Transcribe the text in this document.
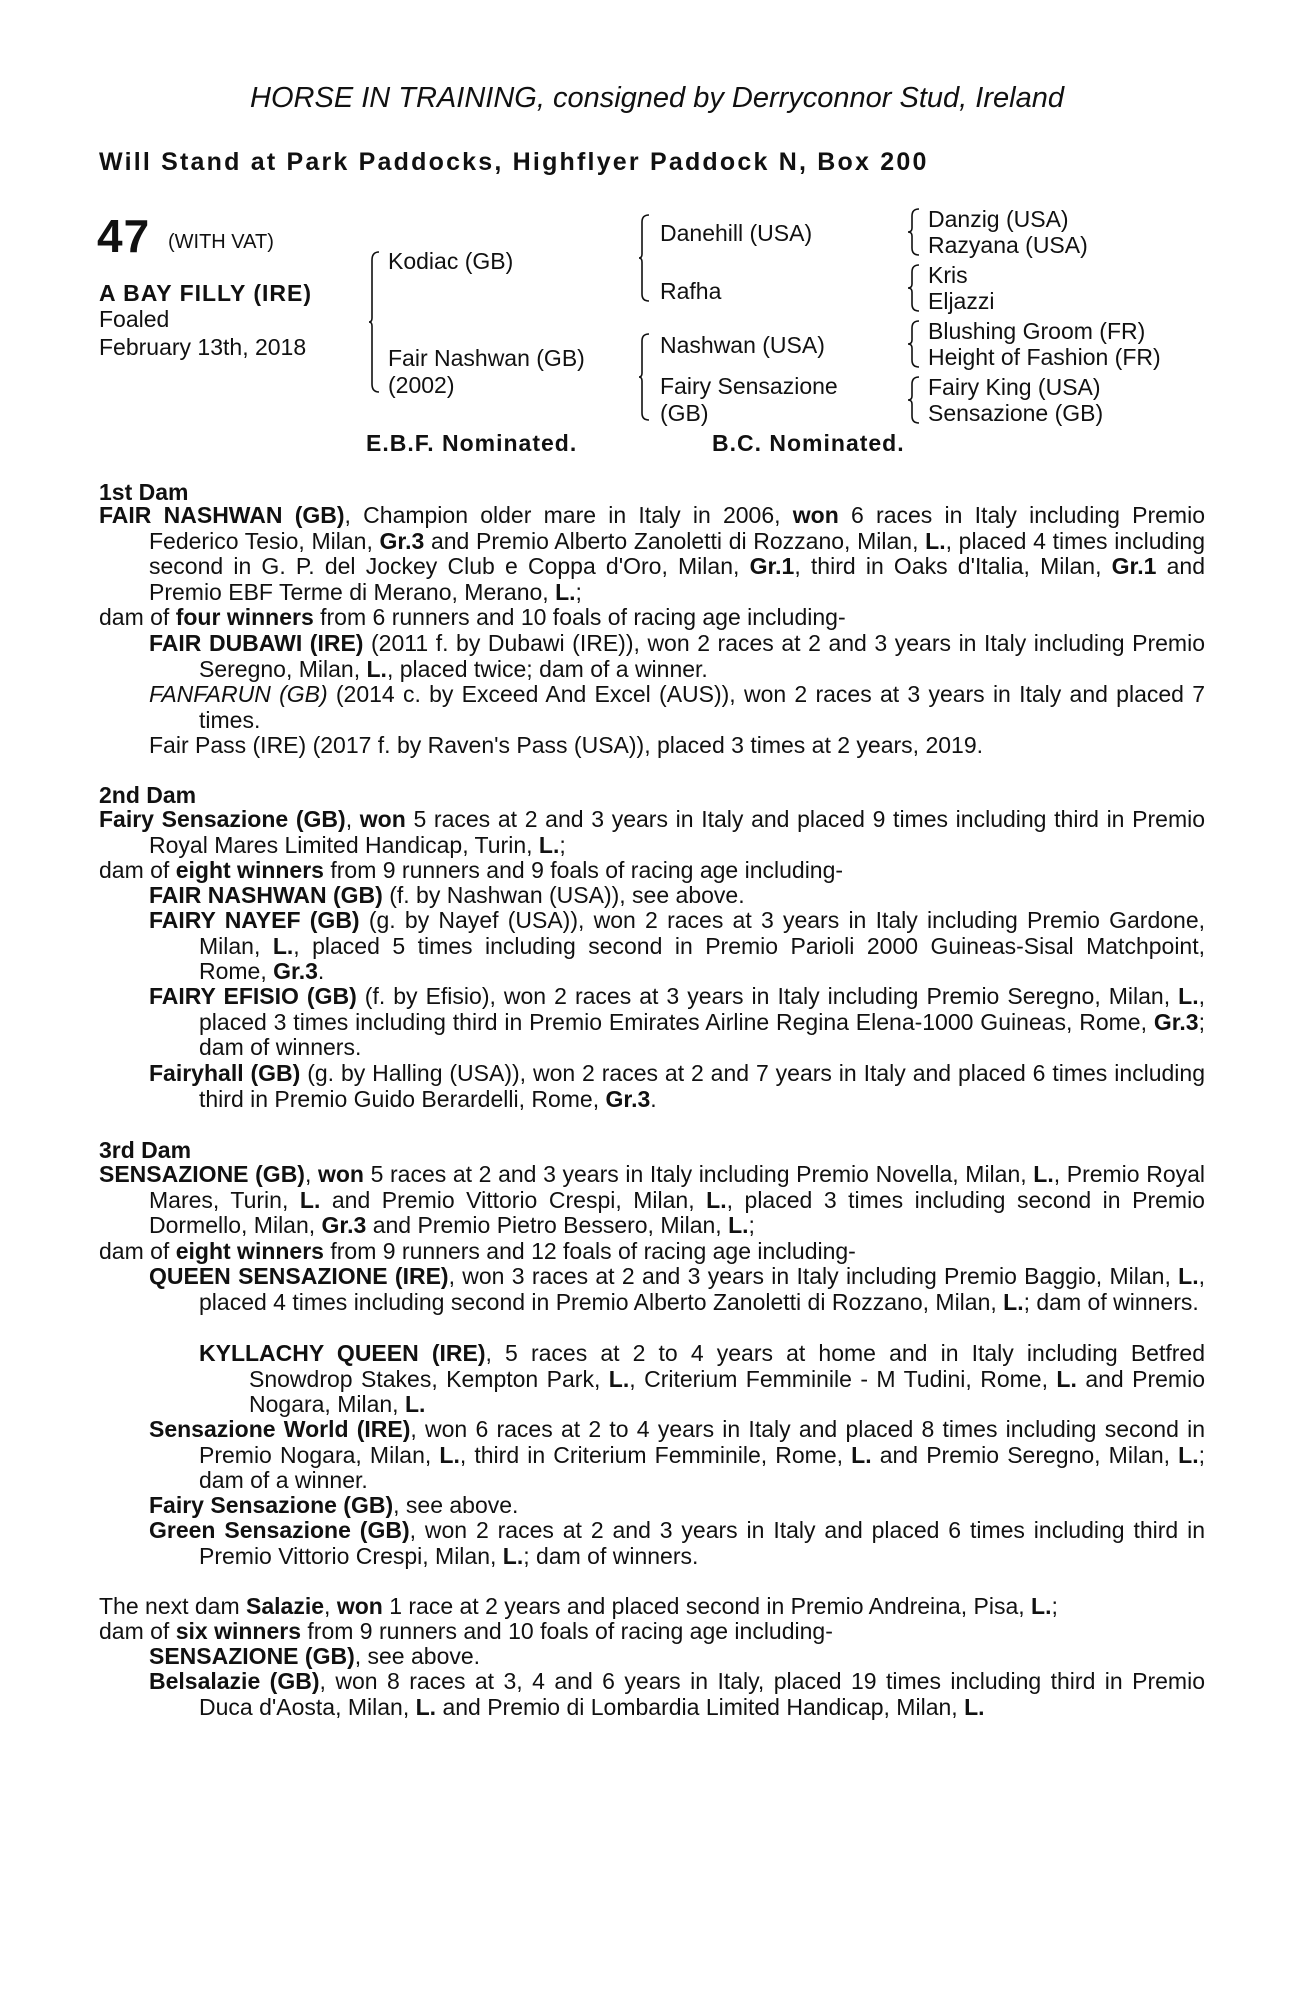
HORSE IN TRAINING, consigned by Derryconnor Stud, Ireland
Will Stand at Park Paddocks, Highflyer Paddock N, Box 200
47 (WITH VAT)
A BAY FILLY (IRE)
Foaled
February 13th, 2018
Kodiac (GB)
Fair Nashwan (GB)
(2002)
Danehill (USA)
Rafha
Nashwan (USA)
Fairy Sensazione
(GB)
Danzig (USA)
Razyana (USA)
Kris
Eljazzi
Blushing Groom (FR)
Height of Fashion (FR)
Fairy King (USA)
Sensazione (GB)
E.B.F. Nominated.	B.C. Nominated.
1st Dam
FAIR NASHWAN (GB), Champion older mare in Italy in 2006, won 6 races in Italy including Premio Federico Tesio, Milan, Gr.3 and Premio Alberto Zanoletti di Rozzano, Milan, L., placed 4 times including second in G. P. del Jockey Club e Coppa d'Oro, Milan, Gr.1, third in Oaks d'Italia, Milan, Gr.1 and Premio EBF Terme di Merano, Merano, L.;
dam of four winners from 6 runners and 10 foals of racing age including-
FAIR DUBAWI (IRE) (2011 f. by Dubawi (IRE)), won 2 races at 2 and 3 years in Italy including Premio Seregno, Milan, L., placed twice; dam of a winner.
FANFARUN (GB) (2014 c. by Exceed And Excel (AUS)), won 2 races at 3 years in Italy and placed 7 times.
Fair Pass (IRE) (2017 f. by Raven's Pass (USA)), placed 3 times at 2 years, 2019.
2nd Dam
Fairy Sensazione (GB), won 5 races at 2 and 3 years in Italy and placed 9 times including third in Premio Royal Mares Limited Handicap, Turin, L.;
dam of eight winners from 9 runners and 9 foals of racing age including-
FAIR NASHWAN (GB) (f. by Nashwan (USA)), see above.
FAIRY NAYEF (GB) (g. by Nayef (USA)), won 2 races at 3 years in Italy including Premio Gardone, Milan, L., placed 5 times including second in Premio Parioli 2000 Guineas-Sisal Matchpoint, Rome, Gr.3.
FAIRY EFISIO (GB) (f. by Efisio), won 2 races at 3 years in Italy including Premio Seregno, Milan, L., placed 3 times including third in Premio Emirates Airline Regina Elena-1000 Guineas, Rome, Gr.3; dam of winners.
Fairyhall (GB) (g. by Halling (USA)), won 2 races at 2 and 7 years in Italy and placed 6 times including third in Premio Guido Berardelli, Rome, Gr.3.
3rd Dam
SENSAZIONE (GB), won 5 races at 2 and 3 years in Italy including Premio Novella, Milan, L., Premio Royal Mares, Turin, L. and Premio Vittorio Crespi, Milan, L., placed 3 times including second in Premio Dormello, Milan, Gr.3 and Premio Pietro Bessero, Milan, L.;
dam of eight winners from 9 runners and 12 foals of racing age including-
QUEEN SENSAZIONE (IRE), won 3 races at 2 and 3 years in Italy including Premio Baggio, Milan, L., placed 4 times including second in Premio Alberto Zanoletti di Rozzano, Milan, L.; dam of winners.
KYLLACHY QUEEN (IRE), 5 races at 2 to 4 years at home and in Italy including Betfred Snowdrop Stakes, Kempton Park, L., Criterium Femminile - M Tudini, Rome, L. and Premio Nogara, Milan, L.
Sensazione World (IRE), won 6 races at 2 to 4 years in Italy and placed 8 times including second in Premio Nogara, Milan, L., third in Criterium Femminile, Rome, L. and Premio Seregno, Milan, L.; dam of a winner.
Fairy Sensazione (GB), see above.
Green Sensazione (GB), won 2 races at 2 and 3 years in Italy and placed 6 times including third in Premio Vittorio Crespi, Milan, L.; dam of winners.
The next dam Salazie, won 1 race at 2 years and placed second in Premio Andreina, Pisa, L.;
dam of six winners from 9 runners and 10 foals of racing age including-
SENSAZIONE (GB), see above.
Belsalazie (GB), won 8 races at 3, 4 and 6 years in Italy, placed 19 times including third in Premio Duca d'Aosta, Milan, L. and Premio di Lombardia Limited Handicap, Milan, L.
